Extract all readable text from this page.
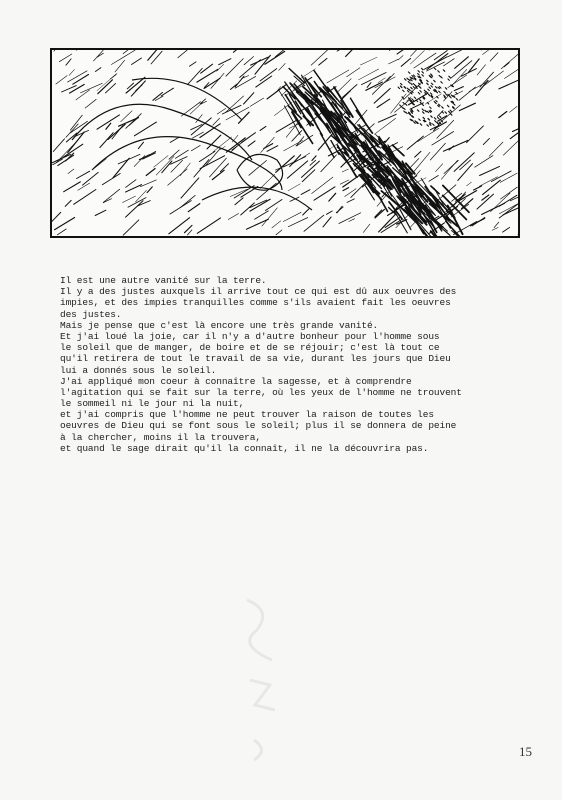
Il est une autre vanité sur la terre.
Il y a des justes auxquels il arrive tout ce qui est dû aux oeuvres des
impies, et des impies tranquilles comme s'ils avaient fait les oeuvres
des justes.
Mais je pense que c'est là encore une très grande vanité.
Et j'ai loué la joie, car il n'y a d'autre bonheur pour l'homme sous
le soleil que de manger, de boire et de se réjouir; c'est là tout ce
qu'il retirera de tout le travail de sa vie, durant les jours que Dieu
lui a donnés sous le soleil.
J'ai appliqué mon coeur à connaître la sagesse, et à comprendre
l'agitation qui se fait sur la terre, où les yeux de l'homme ne trouvent
le sommeil ni le jour ni la nuit,
et j'ai compris que l'homme ne peut trouver la raison de toutes les
oeuvres de Dieu qui se font sous le soleil; plus il se donnera de peine
à la chercher, moins il la trouvera,
et quand le sage dirait qu'il la connaît, il ne la découvrira pas.
15
